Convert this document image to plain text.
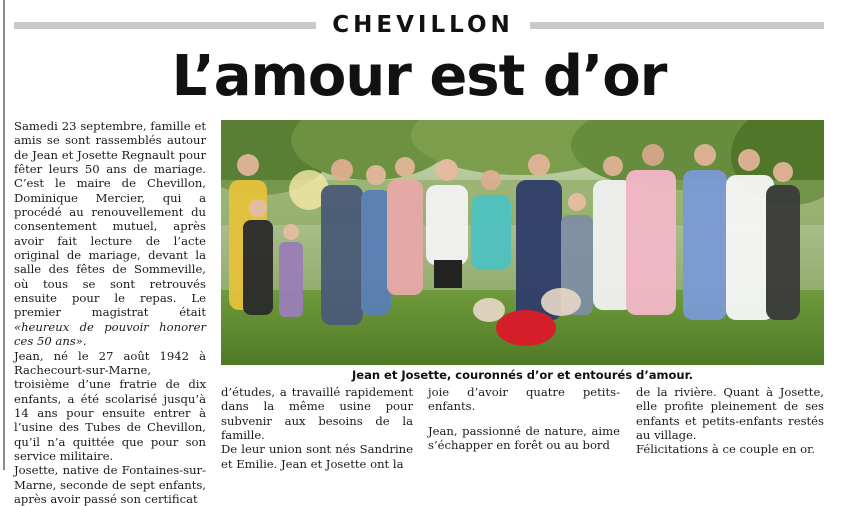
CHEVILLON
L’amour est d’or

Samedi 23 septembre, famille et amis se sont rassemblés autour de Jean et Josette Regnault pour fêter leurs 50 ans de mariage. C’est le maire de Chevillon, Dominique Mercier, qui a procédé au renouvellement du consentement mutuel, après avoir fait lecture de l’acte original de mariage, devant la salle des fêtes de Sommeville, où tous se sont retrouvés ensuite pour le repas. Le premier magistrat était «heureux de pouvoir honorer ces 50 ans».

Jean, né le 27 août 1942 à Rachecourt-sur-Marne, troisième d’une fratrie de dix enfants, a été scolarisé jusqu’à 14 ans pour ensuite entrer à l’usine des Tubes de Chevillon, qu’il n’a quittée que pour son service militaire.

Josette, native de Fontaines-sur-Marne, seconde de sept enfants, après avoir passé son certificat

Jean et Josette, couronnés d’or et entourés d’amour.

d’études, a travaillé rapidement dans la même usine pour subvenir aux besoins de la famille.

De leur union sont nés Sandrine et Emilie. Jean et Josette ont la

joie d’avoir quatre petits-enfants.

Jean, passionné de nature, aime s’échapper en forêt ou au bord

de la rivière. Quant à Josette, elle profite pleinement de ses enfants et petits-enfants restés au village.

Félicitations à ce couple en or.
